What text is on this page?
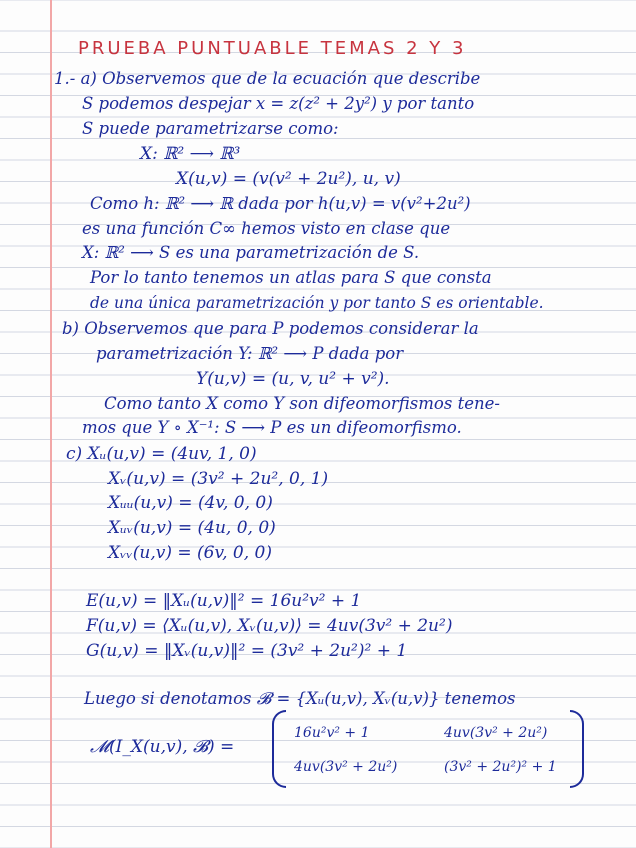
PRUEBA PUNTUABLE TEMAS 2 Y 3
1.- a) Observemos que de la ecuación que describe
S podemos despejar x = z(z² + 2y²) y por tanto
S puede parametrizarse como:
X: ℝ² ⟶ ℝ³
X(u,v) = (v(v² + 2u²), u, v)
Como h: ℝ² ⟶ ℝ dada por h(u,v) = v(v²+2u²)
es una función C∞ hemos visto en clase que
X: ℝ² ⟶ S es una parametrización de S.
Por lo tanto tenemos un atlas para S que consta
de una única parametrización y por tanto S es orientable.
b) Observemos que para P podemos considerar la
parametrización Y: ℝ² ⟶ P dada por
Y(u,v) = (u, v, u² + v²).
Como tanto X como Y son difeomorfismos tene-
mos que Y ∘ X⁻¹: S ⟶ P es un difeomorfismo.
c) Xᵤ(u,v) = (4uv, 1, 0)
Xᵥ(u,v) = (3v² + 2u², 0, 1)
Xᵤᵤ(u,v) = (4v, 0, 0)
Xᵤᵥ(u,v) = (4u, 0, 0)
Xᵥᵥ(u,v) = (6v, 0, 0)
E(u,v) = ‖Xᵤ(u,v)‖² = 16u²v² + 1
F(u,v) = ⟨Xᵤ(u,v), Xᵥ(u,v)⟩ = 4uv(3v² + 2u²)
G(u,v) = ‖Xᵥ(u,v)‖² = (3v² + 2u²)² + 1
Luego si denotamos 𝓑 = {Xᵤ(u,v), Xᵥ(u,v)} tenemos
𝓜(I_X(u,v), 𝓑) =
16u²v² + 1	4uv(3v² + 2u²)
4uv(3v² + 2u²)	(3v² + 2u²)² + 1
